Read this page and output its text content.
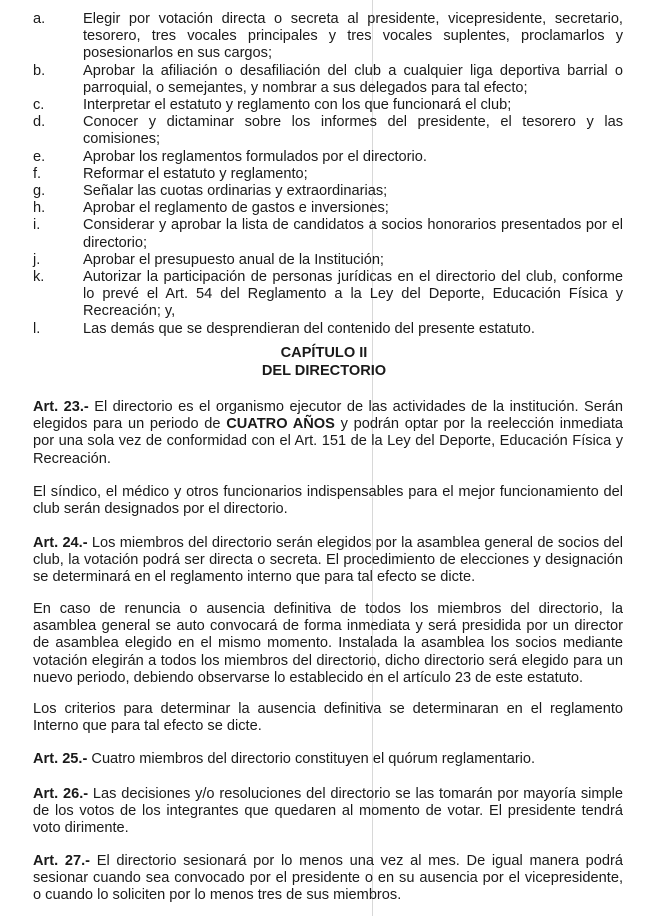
a.	Elegir por votación directa o secreta al presidente, vicepresidente, secretario, tesorero, tres vocales principales y tres vocales suplentes, proclamarlos y posesionarlos en sus cargos;
b.	Aprobar la afiliación o desafiliación del club a cualquier liga deportiva barrial o parroquial, o semejantes, y nombrar a sus delegados para tal efecto;
c.	Interpretar el estatuto y reglamento con los que funcionará el club;
d.	Conocer y dictaminar sobre los informes del presidente, el tesorero y las comisiones;
e.	Aprobar los reglamentos formulados por el directorio.
f.	Reformar el estatuto y reglamento;
g.	Señalar las cuotas ordinarias y extraordinarias;
h.	Aprobar el reglamento de gastos e inversiones;
i.	Considerar y aprobar la lista de candidatos a socios honorarios presentados por el directorio;
j.	Aprobar el presupuesto anual de la Institución;
k.	Autorizar la participación de personas jurídicas en el directorio del club, conforme lo prevé el Art. 54 del Reglamento a la Ley del Deporte, Educación Física y Recreación; y,
l.	Las demás que se desprendieran del contenido del presente estatuto.
CAPÍTULO II
DEL DIRECTORIO

Art. 23.- El directorio es el organismo ejecutor de las actividades de la institución. Serán elegidos para un periodo de CUATRO AÑOS y podrán optar por la reelección inmediata por una sola vez de conformidad con el Art. 151 de la Ley del Deporte, Educación Física y Recreación.

El síndico, el médico y otros funcionarios indispensables para el mejor funcionamiento del club serán designados por el directorio.

Art. 24.- Los miembros del directorio serán elegidos por la asamblea general de socios del club, la votación podrá ser directa o secreta. El procedimiento de elecciones y designación se determinará en el reglamento interno que para tal efecto se dicte.

En caso de renuncia o ausencia definitiva de todos los miembros del directorio, la asamblea general se auto convocará de forma inmediata y será presidida por un director de asamblea elegido en el mismo momento. Instalada la asamblea los socios mediante votación elegirán a todos los miembros del directorio, dicho directorio será elegido para un nuevo periodo, debiendo observarse lo establecido en el artículo 23 de este estatuto.

Los criterios para determinar la ausencia definitiva se determinaran en el reglamento Interno que para tal efecto se dicte.

Art. 25.- Cuatro miembros del directorio constituyen el quórum reglamentario.

Art. 26.- Las decisiones y/o resoluciones del directorio se las tomarán por mayoría simple de los votos de los integrantes que quedaren al momento de votar. El presidente tendrá voto dirimente.

Art. 27.- El directorio sesionará por lo menos una vez al mes. De igual manera podrá sesionar cuando sea convocado por el presidente o en su ausencia por el vicepresidente, o cuando lo soliciten por lo menos tres de sus miembros.
